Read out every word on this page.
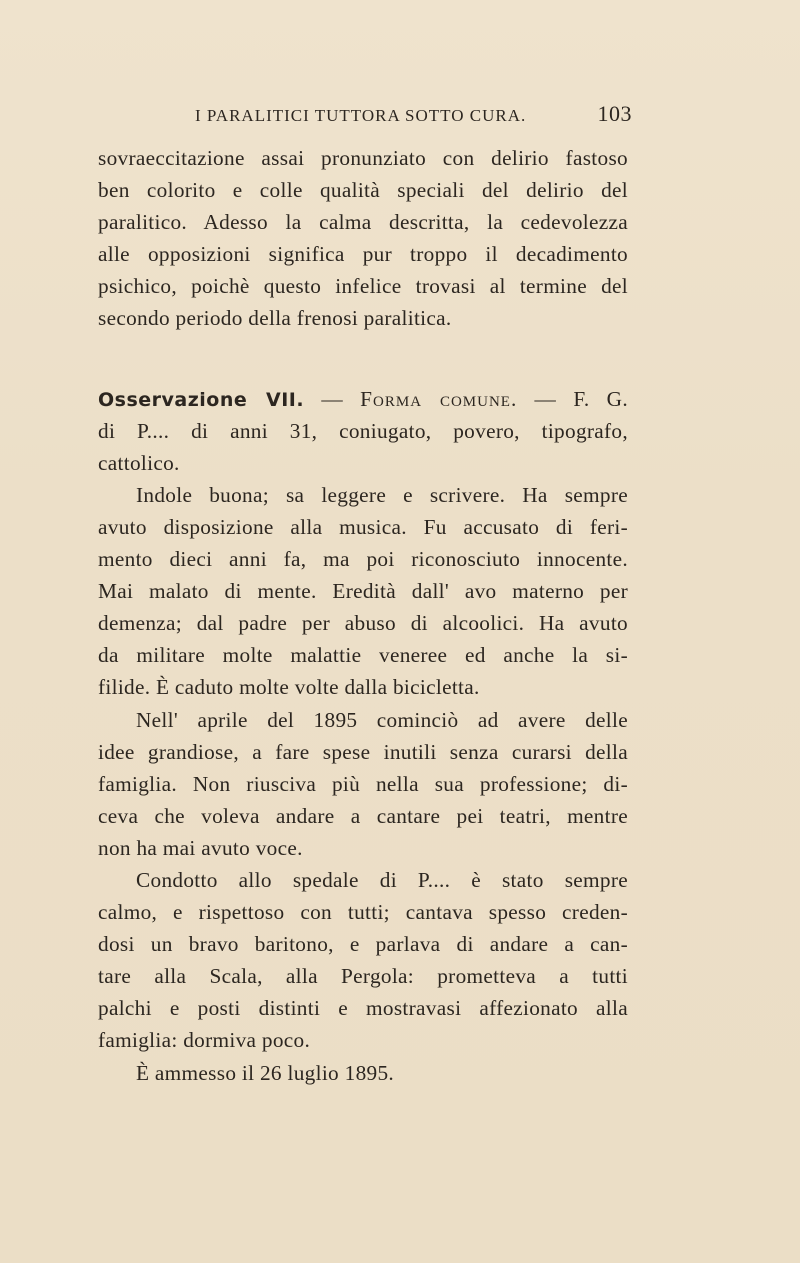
I PARALITICI TUTTORA SOTTO CURA.	103
sovraeccitazione assai pronunziato con delirio fastoso
ben colorito e colle qualità speciali del delirio del
paralitico. Adesso la calma descritta, la cedevolezza
alle opposizioni significa pur troppo il decadimento
psichico, poichè questo infelice trovasi al termine del
secondo periodo della frenosi paralitica.
Osservazione VII. — Forma comune. — F. G.
di P.... di anni 31, coniugato, povero, tipografo,
cattolico.
Indole buona; sa leggere e scrivere. Ha sempre
avuto disposizione alla musica. Fu accusato di feri-
mento dieci anni fa, ma poi riconosciuto innocente.
Mai malato di mente. Eredità dall' avo materno per
demenza; dal padre per abuso di alcoolici. Ha avuto
da militare molte malattie veneree ed anche la si-
filide. È caduto molte volte dalla bicicletta.
Nell' aprile del 1895 cominciò ad avere delle
idee grandiose, a fare spese inutili senza curarsi della
famiglia. Non riusciva più nella sua professione; di-
ceva che voleva andare a cantare pei teatri, mentre
non ha mai avuto voce.
Condotto allo spedale di P.... è stato sempre
calmo, e rispettoso con tutti; cantava spesso creden-
dosi un bravo baritono, e parlava di andare a can-
tare alla Scala, alla Pergola: prometteva a tutti
palchi e posti distinti e mostravasi affezionato alla
famiglia: dormiva poco.
È ammesso il 26 luglio 1895.
